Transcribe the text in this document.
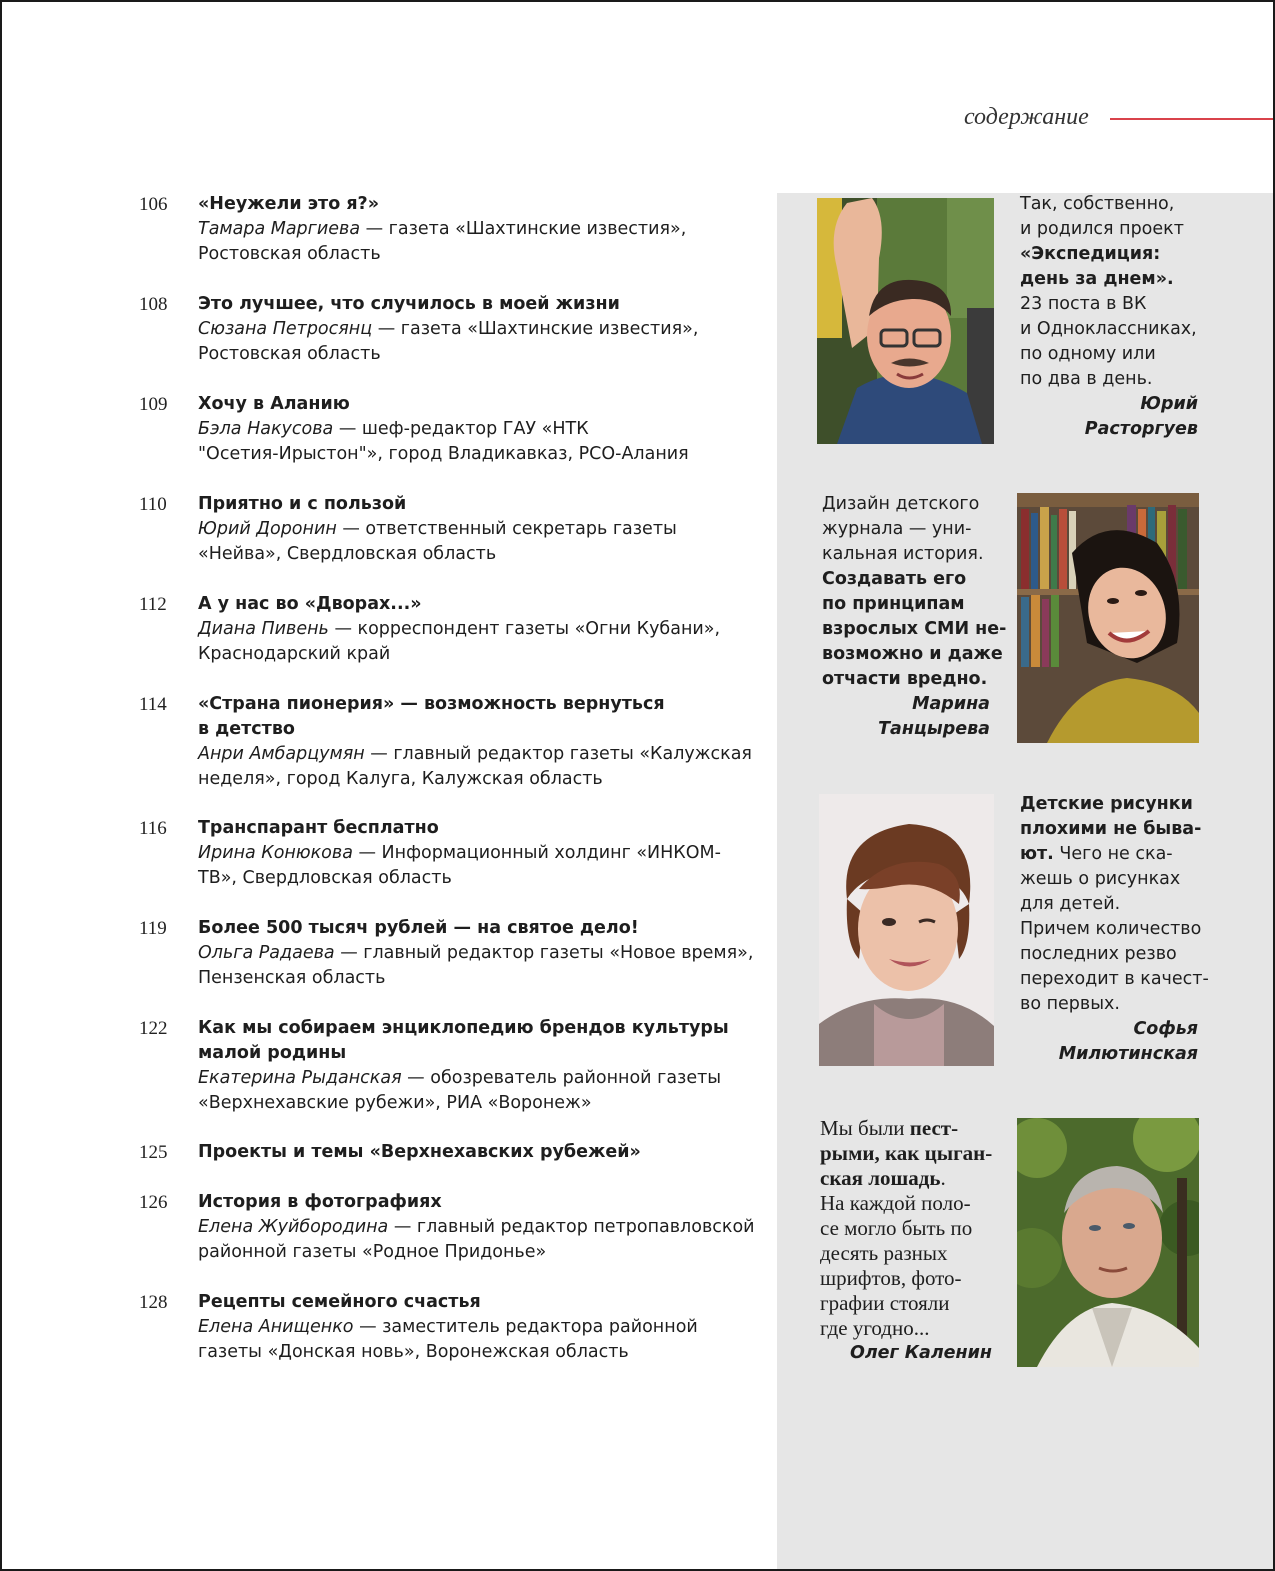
содержание
106 «Неужели это я?»
Тамара Маргиева — газета «Шахтинские известия»,
Ростовская область
108 Это лучшее, что случилось в моей жизни
Сюзана Петросянц — газета «Шахтинские известия»,
Ростовская область
109 Хочу в Аланию
Бэла Накусова — шеф-редактор ГАУ «НТК
"Осетия-Ирыстон"», город Владикавказ, РСО-Алания
110 Приятно и с пользой
Юрий Доронин — ответственный секретарь газеты
«Нейва», Свердловская область
112 А у нас во «Дворах...»
Диана Пивень — корреспондент газеты «Огни Кубани»,
Краснодарский край
114 «Страна пионерия» — возможность вернуться
в детство
Анри Амбарцумян — главный редактор газеты «Калужская
неделя», город Калуга, Калужская область
116 Транспарант бесплатно
Ирина Конюкова — Информационный холдинг «ИНКОМ-
ТВ», Свердловская область
119 Более 500 тысяч рублей — на святое дело!
Ольга Радаева — главный редактор газеты «Новое время»,
Пензенская область
122 Как мы собираем энциклопедию брендов культуры
малой родины
Екатерина Рыданская — обозреватель районной газеты
«Верхнехавские рубежи», РИА «Воронеж»
125 Проекты и темы «Верхнехавских рубежей»
126 История в фотографиях
Елена Жуйбородина — главный редактор петропавловской
районной газеты «Родное Придонье»
128 Рецепты семейного счастья
Елена Анищенко — заместитель редактора районной
газеты «Донская новь», Воронежская область
Так, собственно,
и родился проект
«Экспедиция:
день за днем».
23 поста в ВК
и Одноклассниках,
по одному или
по два в день.
Юрий
Расторгуев
Дизайн детского
журнала — уни-
кальная история.
Создавать его
по принципам
взрослых СМИ не-
возможно и даже
отчасти вредно.
Марина
Танцырева
Детские рисунки
плохими не быва-
ют. Чего не ска-
жешь о рисунках
для детей.
Причем количество
последних резво
переходит в качест-
во первых.
Софья
Милютинская
Мы были пест-
рыми, как цыган-
ская лошадь.
На каждой поло-
се могло быть по
десять разных
шрифтов, фото-
графии стояли
где угодно...
Олег Каленин
